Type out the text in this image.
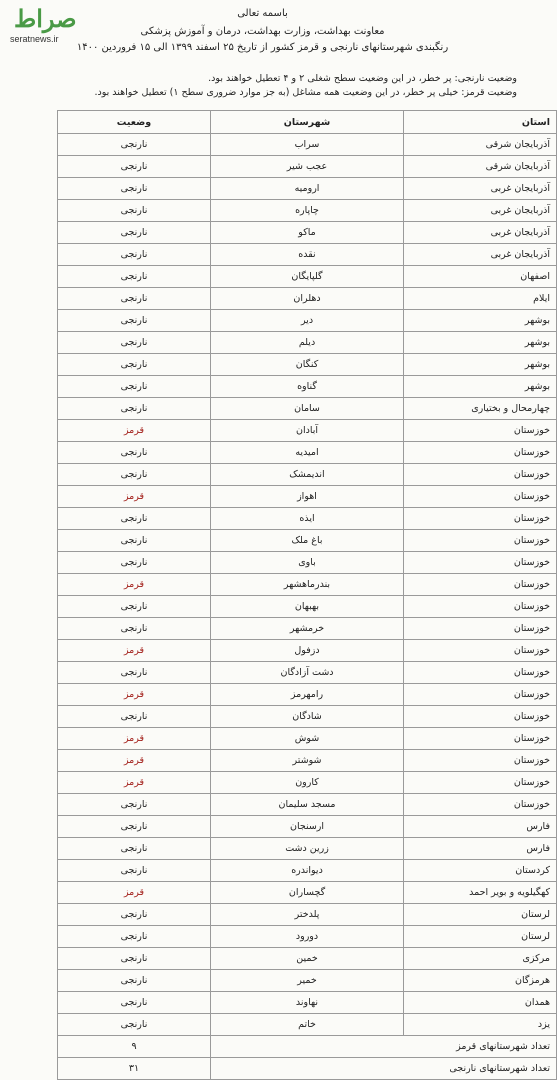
صراط
seratnews.ir
باسمه تعالی
معاونت بهداشت، وزارت بهداشت، درمان و آموزش پزشکی
رنگبندی شهرستانهای نارنجی و قرمز کشور از تاریخ ۲۵ اسفند ۱۳۹۹ الی ۱۵ فروردین ۱۴۰۰
وضعیت نارنجی: پر خطر، در این وضعیت سطح شغلی ۲ و ۴ تعطیل خواهند بود.
وضعیت قرمز: خیلی پر خطر، در این وضعیت همه مشاغل (به جز موارد ضروری سطح ۱) تعطیل خواهند بود.
استان	شهرستان	وضعیت
آذربایجان شرقی	سراب	نارنجی
آذربایجان شرقی	عجب شیر	نارنجی
آذربایجان غربی	ارومیه	نارنجی
آذربایجان غربی	چاپاره	نارنجی
آذربایجان غربی	ماکو	نارنجی
آذربایجان غربی	نقده	نارنجی
اصفهان	گلپایگان	نارنجی
ایلام	دهلران	نارنجی
بوشهر	دیر	نارنجی
بوشهر	دیلم	نارنجی
بوشهر	کنگان	نارنجی
بوشهر	گناوه	نارنجی
چهارمحال و بختیاری	سامان	نارنجی
خوزستان	آبادان	قرمز
خوزستان	امیدیه	نارنجی
خوزستان	اندیمشک	نارنجی
خوزستان	اهواز	قرمز
خوزستان	ایذه	نارنجی
خوزستان	باغ ملک	نارنجی
خوزستان	باوی	نارنجی
خوزستان	بندرماهشهر	قرمز
خوزستان	بهبهان	نارنجی
خوزستان	خرمشهر	نارنجی
خوزستان	دزفول	قرمز
خوزستان	دشت آزادگان	نارنجی
خوزستان	رامهرمز	قرمز
خوزستان	شادگان	نارنجی
خوزستان	شوش	قرمز
خوزستان	شوشتر	قرمز
خوزستان	کارون	قرمز
خوزستان	مسجد سلیمان	نارنجی
فارس	ارسنجان	نارنجی
فارس	زرین دشت	نارنجی
کردستان	دیواندره	نارنجی
کهگیلویه و بویر احمد	گچساران	قرمز
لرستان	پلدختر	نارنجی
لرستان	دورود	نارنجی
مرکزی	خمین	نارنجی
هرمزگان	خمیر	نارنجی
همدان	نهاوند	نارنجی
یزد	خاتم	نارنجی
تعداد شهرستانهای قرمز		۹
تعداد شهرستانهای نارنجی		۳۱
